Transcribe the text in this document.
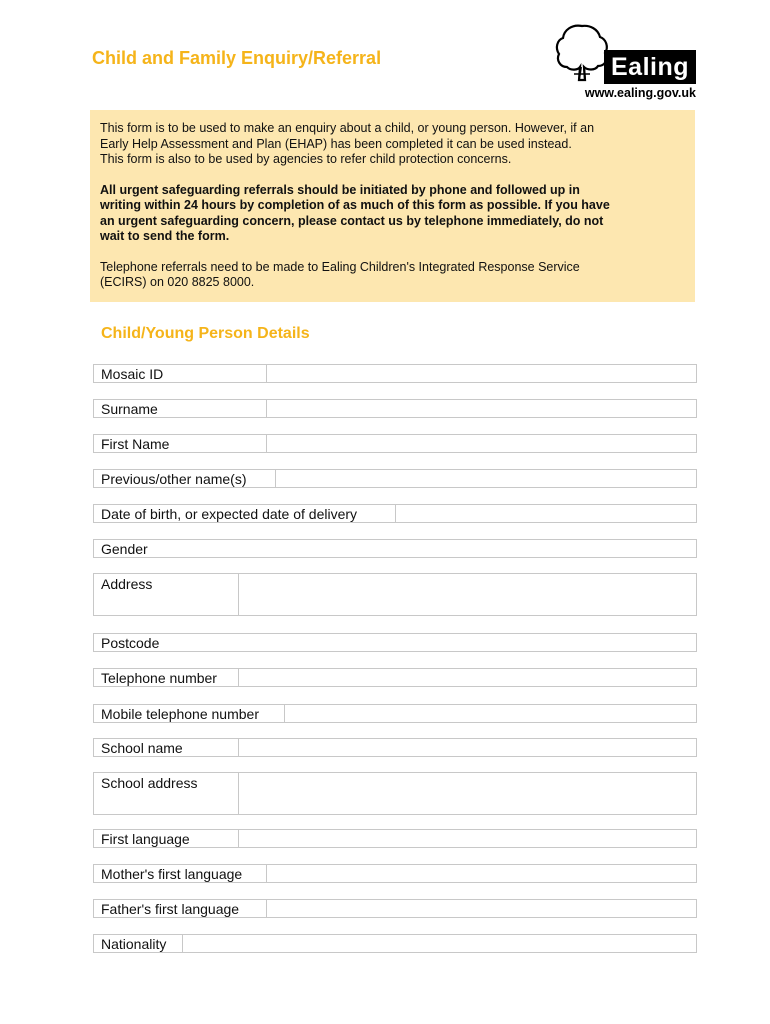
Child and Family Enquiry/Referral	Ealing
www.ealing.gov.uk

This form is to be used to make an enquiry about a child, or young person. However, if an
Early Help Assessment and Plan (EHAP) has been completed it can be used instead.
This form is also to be used by agencies to refer child protection concerns.

All urgent safeguarding referrals should be initiated by phone and followed up in
writing within 24 hours by completion of as much of this form as possible. If you have
an urgent safeguarding concern, please contact us by telephone immediately, do not
wait to send the form.

Telephone referrals need to be made to Ealing Children's Integrated Response Service
(ECIRS) on 020 8825 8000.

Child/Young Person Details
Mosaic ID
Surname
First Name
Previous/other name(s)
Date of birth, or expected date of delivery
Gender
Address
Postcode
Telephone number
Mobile telephone number
School name
School address
First language
Mother's first language
Father's first language
Nationality
